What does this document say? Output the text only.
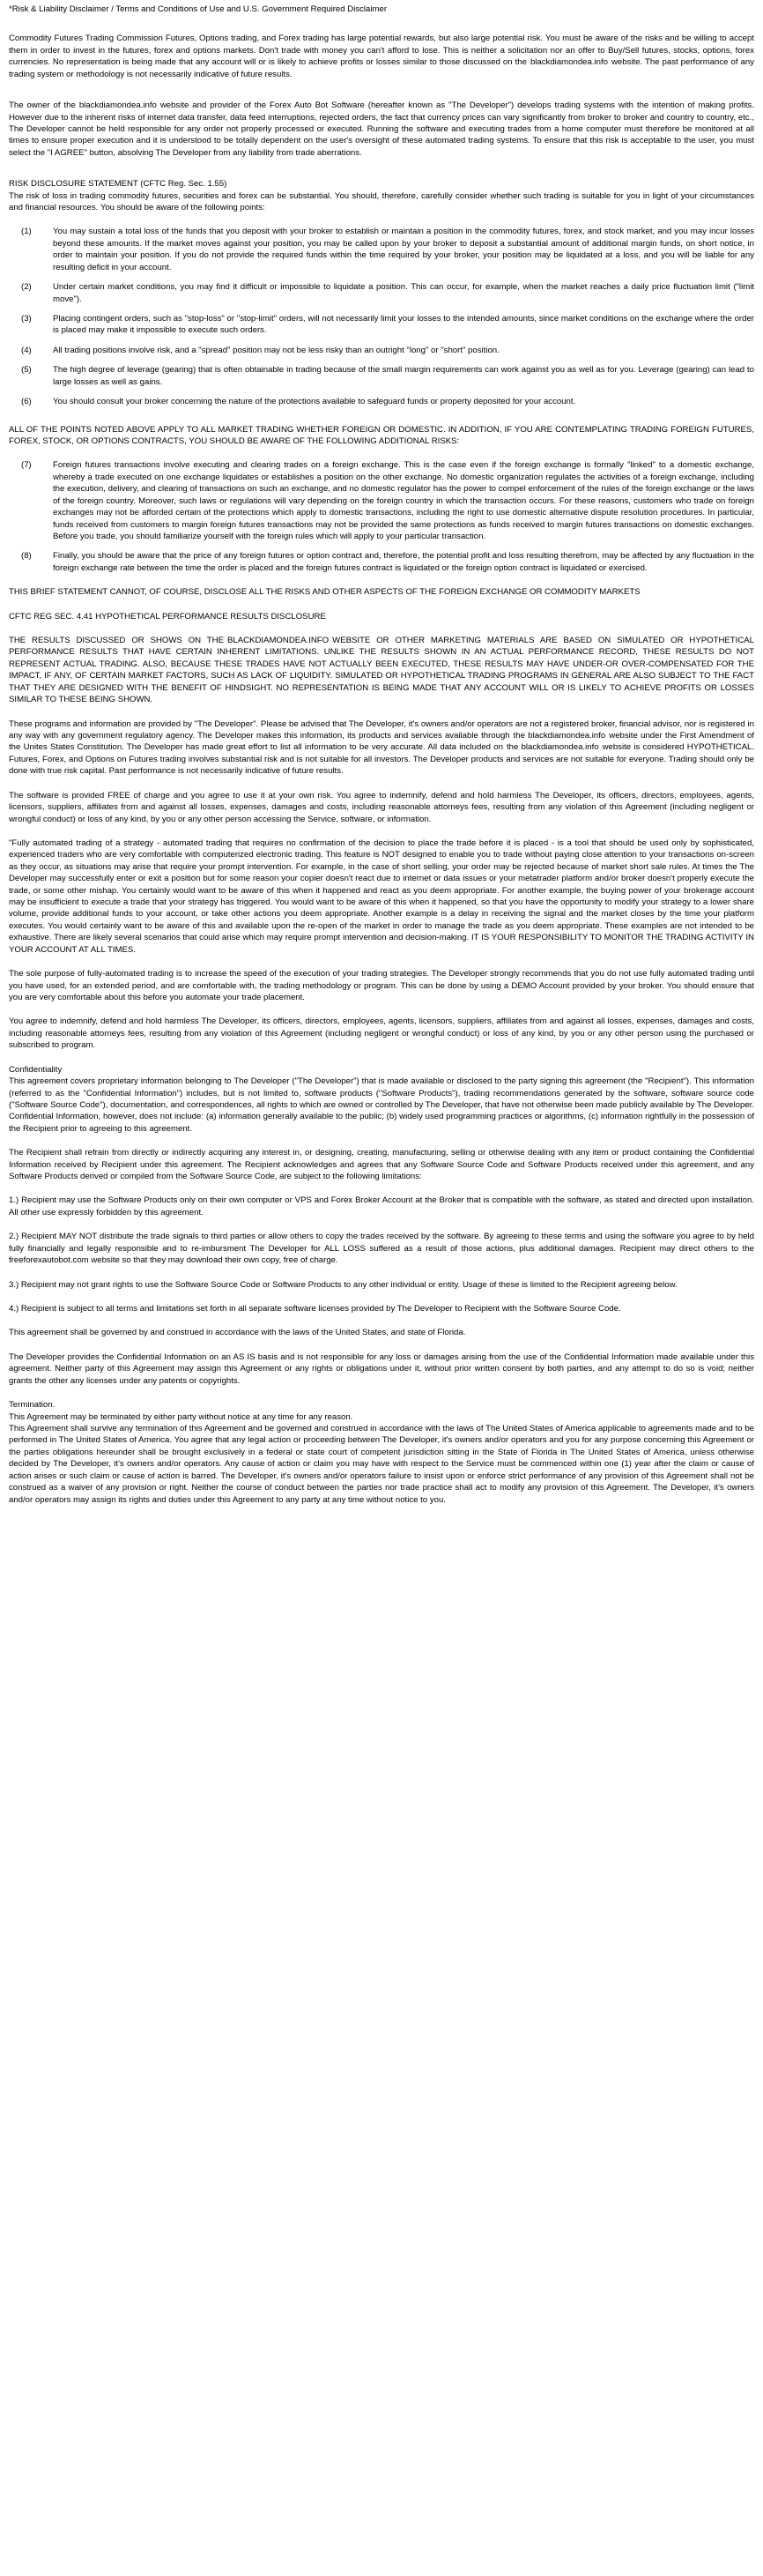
*Risk & Liability Disclaimer / Terms and Conditions of Use and U.S. Government Required Disclaimer

Commodity Futures Trading Commission Futures, Options trading, and Forex trading has large potential rewards, but also large potential risk. You must be aware of the risks and be willing to accept them in order to invest in the futures, forex and options markets. Don't trade with money you can't afford to lose. This is neither a solicitation nor an offer to Buy/Sell futures, stocks, options, forex currencies. No representation is being made that any account will or is likely to achieve profits or losses similar to those discussed on the blackdiamondea.info website. The past performance of any trading system or methodology is not necessarily indicative of future results.

The owner of the blackdiamondea.info website and provider of the Forex Auto Bot Software (hereafter known as "The Developer") develops trading systems with the intention of making profits. However due to the inherent risks of internet data transfer, data feed interruptions, rejected orders, the fact that currency prices can vary significantly from broker to broker and country to country, etc., The Developer cannot be held responsible for any order not properly processed or executed. Running the software and executing trades from a home computer must therefore be monitored at all times to ensure proper execution and it is understood to be totally dependent on the user's oversight of these automated trading systems. To ensure that this risk is acceptable to the user, you must select the "I AGREE" button, absolving The Developer from any liability from trade aberrations.

RISK DISCLOSURE STATEMENT (CFTC Reg. Sec. 1.55)

The risk of loss in trading commodity futures, securities and forex can be substantial. You should, therefore, carefully consider whether such trading is suitable for you in light of your circumstances and financial resources. You should be aware of the following points:

(1)	You may sustain a total loss of the funds that you deposit with your broker to establish or maintain a position in the commodity futures, forex, and stock market, and you may incur losses beyond these amounts. If the market moves against your position, you may be called upon by your broker to deposit a substantial amount of additional margin funds, on short notice, in order to maintain your position. If you do not provide the required funds within the time required by your broker, your position may be liquidated at a loss, and you will be liable for any resulting deficit in your account.
(2)	Under certain market conditions, you may find it difficult or impossible to liquidate a position. This can occur, for example, when the market reaches a daily price fluctuation limit ("limit move").
(3)	Placing contingent orders, such as "stop-loss" or "stop-limit" orders, will not necessarily limit your losses to the intended amounts, since market conditions on the exchange where the order is placed may make it impossible to execute such orders.
(4)	All trading positions involve risk, and a "spread" position may not be less risky than an outright "long" or "short" position.
(5)	The high degree of leverage (gearing) that is often obtainable in trading because of the small margin requirements can work against you as well as for you. Leverage (gearing) can lead to large losses as well as gains.
(6)	You should consult your broker concerning the nature of the protections available to safeguard funds or property deposited for your account.

ALL OF THE POINTS NOTED ABOVE APPLY TO ALL MARKET TRADING WHETHER FOREIGN OR DOMESTIC. IN ADDITION, IF YOU ARE CONTEMPLATING TRADING FOREIGN FUTURES, FOREX, STOCK, OR OPTIONS CONTRACTS, YOU SHOULD BE AWARE OF THE FOLLOWING ADDITIONAL RISKS:

(7)	Foreign futures transactions involve executing and clearing trades on a foreign exchange. This is the case even if the foreign exchange is formally "linked" to a domestic exchange, whereby a trade executed on one exchange liquidates or establishes a position on the other exchange. No domestic organization regulates the activities of a foreign exchange, including the execution, delivery, and clearing of transactions on such an exchange, and no domestic regulator has the power to compel enforcement of the rules of the foreign exchange or the laws of the foreign country. Moreover, such laws or regulations will vary depending on the foreign country in which the transaction occurs. For these reasons, customers who trade on foreign exchanges may not be afforded certain of the protections which apply to domestic transactions, including the right to use domestic alternative dispute resolution procedures. In particular, funds received from customers to margin foreign futures transactions may not be provided the same protections as funds received to margin futures transactions on domestic exchanges. Before you trade, you should familiarize yourself with the foreign rules which will apply to your particular transaction.
(8)	Finally, you should be aware that the price of any foreign futures or option contract and, therefore, the potential profit and loss resulting therefrom, may be affected by any fluctuation in the foreign exchange rate between the time the order is placed and the foreign futures contract is liquidated or the foreign option contract is liquidated or exercised.

THIS BRIEF STATEMENT CANNOT, OF COURSE, DISCLOSE ALL THE RISKS AND OTHER ASPECTS OF THE FOREIGN EXCHANGE OR COMMODITY MARKETS

CFTC REG SEC. 4.41 HYPOTHETICAL PERFORMANCE RESULTS DISCLOSURE

THE RESULTS DISCUSSED OR SHOWS ON THE BLACKDIAMONDEA.INFO WEBSITE OR OTHER MARKETING MATERIALS ARE BASED ON SIMULATED OR HYPOTHETICAL PERFORMANCE RESULTS THAT HAVE CERTAIN INHERENT LIMITATIONS. UNLIKE THE RESULTS SHOWN IN AN ACTUAL PERFORMANCE RECORD, THESE RESULTS DO NOT REPRESENT ACTUAL TRADING. ALSO, BECAUSE THESE TRADES HAVE NOT ACTUALLY BEEN EXECUTED, THESE RESULTS MAY HAVE UNDER-OR OVER-COMPENSATED FOR THE IMPACT, IF ANY, OF CERTAIN MARKET FACTORS, SUCH AS LACK OF LIQUIDITY. SIMULATED OR HYPOTHETICAL TRADING PROGRAMS IN GENERAL ARE ALSO SUBJECT TO THE FACT THAT THEY ARE DESIGNED WITH THE BENEFIT OF HINDSIGHT. NO REPRESENTATION IS BEING MADE THAT ANY ACCOUNT WILL OR IS LIKELY TO ACHIEVE PROFITS OR LOSSES SIMILAR TO THESE BEING SHOWN.

These programs and information are provided by "The Developer". Please be advised that The Developer, it's owners and/or operators are not a registered broker, financial advisor, nor is registered in any way with any government regulatory agency. The Developer makes this information, its products and services available through the blackdiamondea.info website under the First Amendment of the Unites States Constitution. The Developer has made great effort to list all information to be very accurate. All data included on the blackdiamondea.info website is considered HYPOTHETICAL. Futures, Forex, and Options on Futures trading involves substantial risk and is not suitable for all investors. The Developer products and services are not suitable for everyone. Trading should only be done with true risk capital. Past performance is not necessarily indicative of future results.

The software is provided FREE of charge and you agree to use it at your own risk. You agree to indemnify, defend and hold harmless The Developer, its officers, directors, employees, agents, licensors, suppliers, affiliates from and against all losses, expenses, damages and costs, including reasonable attorneys fees, resulting from any violation of this Agreement (including negligent or wrongful conduct) or loss of any kind, by you or any other person accessing the Service, software, or information.

"Fully automated trading of a strategy - automated trading that requires no confirmation of the decision to place the trade before it is placed - is a tool that should be used only by sophisticated, experienced traders who are very comfortable with computerized electronic trading. This feature is NOT designed to enable you to trade without paying close attention to your transactions on-screen as they occur, as situations may arise that require your prompt intervention. For example, in the case of short selling, your order may be rejected because of market short sale rules. At times the The Developer may successfully enter or exit a position but for some reason your copier doesn't react due to internet or data issues or your metatrader platform and/or broker doesn't properly execute the trade, or some other mishap. You certainly would want to be aware of this when it happened and react as you deem appropriate. For another example, the buying power of your brokerage account may be insufficient to execute a trade that your strategy has triggered. You would want to be aware of this when it happened, so that you have the opportunity to modify your strategy to a lower share volume, provide additional funds to your account, or take other actions you deem appropriate. Another example is a delay in receiving the signal and the market closes by the time your platform executes. You would certainly want to be aware of this and available upon the re-open of the market in order to manage the trade as you deem appropriate. These examples are not intended to be exhaustive. There are likely several scenarios that could arise which may require prompt intervention and decision-making. IT IS YOUR RESPONSIBILITY TO MONITOR THE TRADING ACTIVITY IN YOUR ACCOUNT AT ALL TIMES.

The sole purpose of fully-automated trading is to increase the speed of the execution of your trading strategies. The Developer strongly recommends that you do not use fully automated trading until you have used, for an extended period, and are comfortable with, the trading methodology or program. This can be done by using a DEMO Account provided by your broker. You should ensure that you are very comfortable about this before you automate your trade placement.

You agree to indemnify, defend and hold harmless The Developer, its officers, directors, employees, agents, licensors, suppliers, affiliates from and against all losses, expenses, damages and costs, including reasonable attorneys fees, resulting from any violation of this Agreement (including negligent or wrongful conduct) or loss of any kind, by you or any other person using the purchased or subscribed to program.

Confidentiality

This agreement covers proprietary information belonging to The Developer ("The Developer") that is made available or disclosed to the party signing this agreement (the "Recipient"). This information (referred to as the "Confidential Information") includes, but is not limited to, software products ("Software Products"), trading recommendations generated by the software, software source code ("Software Source Code"), documentation, and correspondences, all rights to which are owned or controlled by The Developer, that have not otherwise been made publicly available by The Developer. Confidential Information, however, does not include: (a) information generally available to the public; (b) widely used programming practices or algorithms, (c) information rightfully in the possession of the Recipient prior to agreeing to this agreement.

The Recipient shall refrain from directly or indirectly acquiring any interest in, or designing, creating, manufacturing, selling or otherwise dealing with any item or product containing the Confidential Information received by Recipient under this agreement. The Recipient acknowledges and agrees that any Software Source Code and Software Products received under this agreement, and any Software Products derived or compiled from the Software Source Code, are subject to the following limitations:

1.) Recipient may use the Software Products only on their own computer or VPS and Forex Broker Account at the Broker that is compatible with the software, as stated and directed upon installation. All other use expressly forbidden by this agreement.

2.) Recipient MAY NOT distribute the trade signals to third parties or allow others to copy the trades received by the software. By agreeing to these terms and using the software you agree to by held fully financially and legally responsible and to re-imbursment The Developer for ALL LOSS suffered as a result of those actions, plus additional damages. Recipient may direct others to the freeforexautobot.com website so that they may download their own copy, free of charge.

3.) Recipient may not grant rights to use the Software Source Code or Software Products to any other individual or entity. Usage of these is limited to the Recipient agreeing below.

4.) Recipient is subject to all terms and limitations set forth in all separate software licenses provided by The Developer to Recipient with the Software Source Code.

This agreement shall be governed by and construed in accordance with the laws of the United States, and state of Florida.

The Developer provides the Confidential Information on an AS IS basis and is not responsible for any loss or damages arising from the use of the Confidential Information made available under this agreement. Neither party of this Agreement may assign this Agreement or any rights or obligations under it, without prior written consent by both parties, and any attempt to do so is void; neither grants the other any licenses under any patents or copyrights.

Termination.

This Agreement may be terminated by either party without notice at any time for any reason.
This Agreement shall survive any termination of this Agreement and be governed and construed in accordance with the laws of The United States of America applicable to agreements made and to be performed in The United States of America. You agree that any legal action or proceeding between The Developer, it's owners and/or operators and you for any purpose concerning this Agreement or the parties obligations hereunder shall be brought exclusively in a federal or state court of competent jurisdiction sitting in the State of Florida in The United States of America, unless otherwise decided by The Developer, it's owners and/or operators. Any cause of action or claim you may have with respect to the Service must be commenced within one (1) year after the claim or cause of action arises or such claim or cause of action is barred. The Developer, it's owners and/or operators failure to insist upon or enforce strict performance of any provision of this Agreement shall not be construed as a waiver of any provision or right. Neither the course of conduct between the parties nor trade practice shall act to modify any provision of this Agreement. The Developer, it's owners and/or operators may assign its rights and duties under this Agreement to any party at any time without notice to you.
